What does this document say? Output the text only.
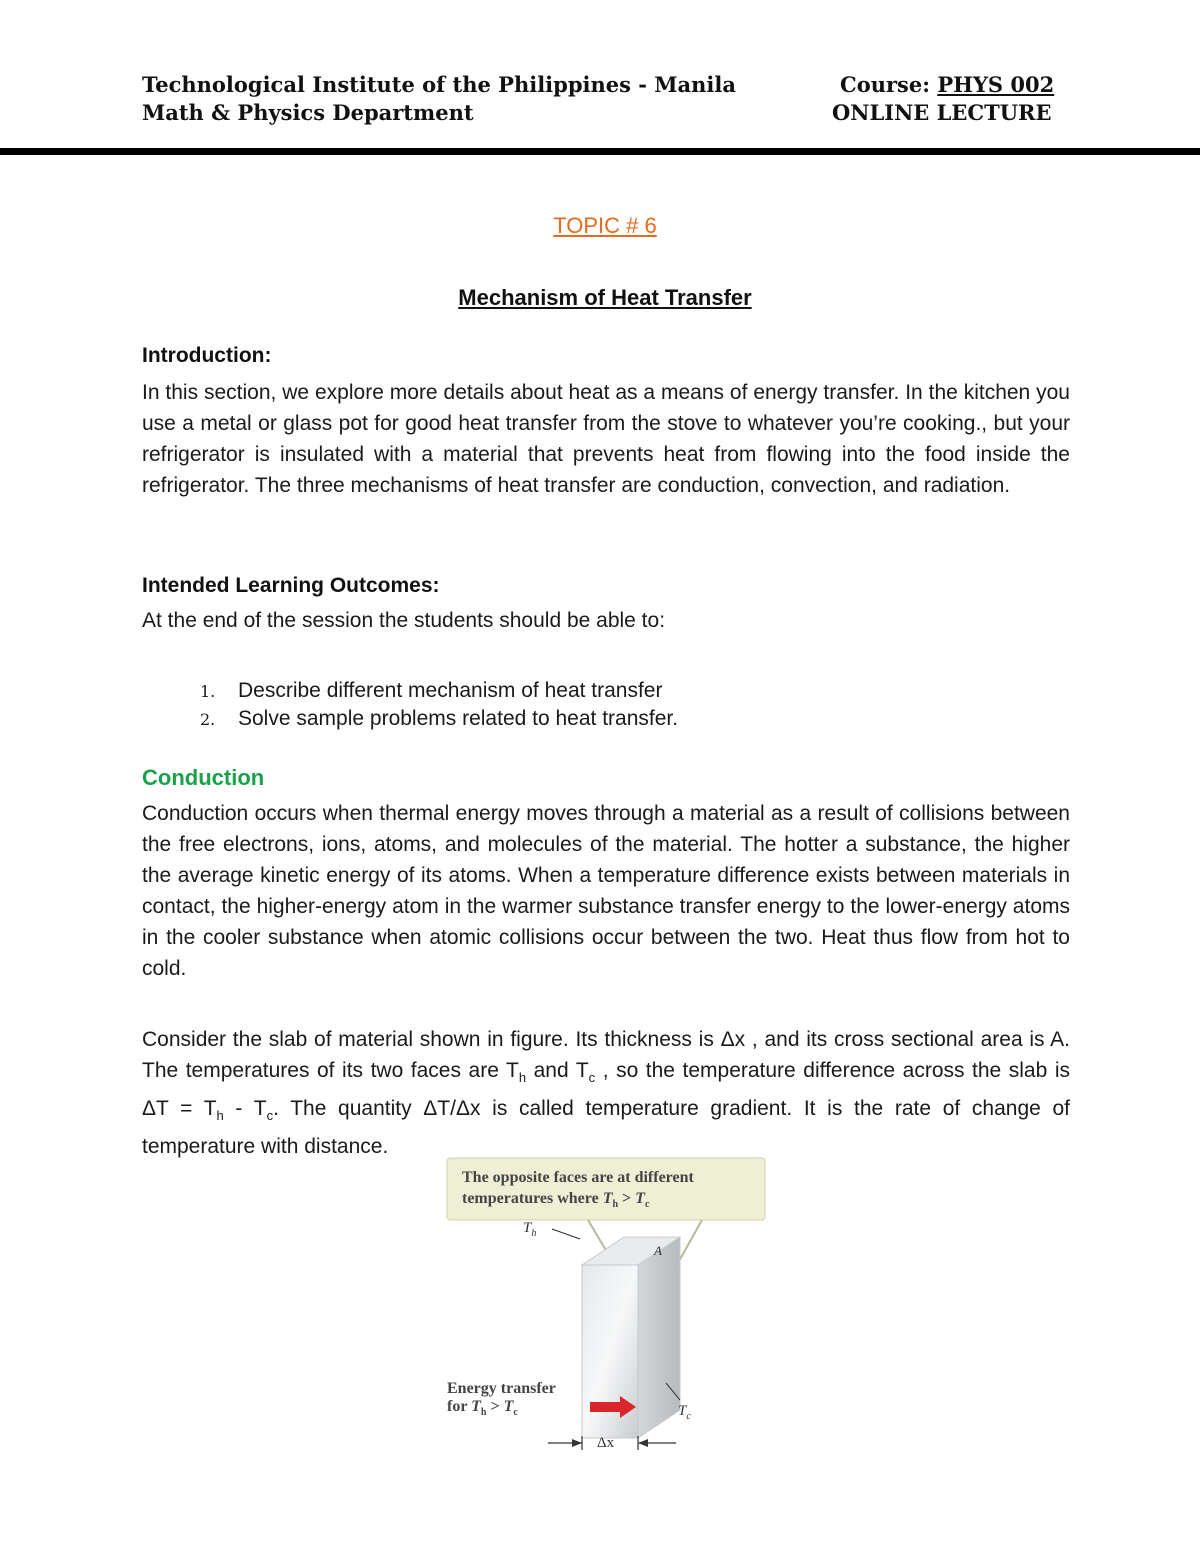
Technological Institute of the Philippines - Manila
Math & Physics Department
Course: PHYS 002
ONLINE LECTURE
TOPIC # 6
Mechanism of Heat Transfer
Introduction:
In this section, we explore more details about heat as a means of energy transfer. In the kitchen you use a metal or glass pot for good heat transfer from the stove to whatever you’re cooking., but your refrigerator is insulated with a material that prevents heat from flowing into the food inside the refrigerator. The three mechanisms of heat transfer are conduction, convection, and radiation.
Intended Learning Outcomes:
At the end of the session the students should be able to:
1. Describe different mechanism of heat transfer
2. Solve sample problems related to heat transfer.
Conduction
Conduction occurs when thermal energy moves through a material as a result of collisions between the free electrons, ions, atoms, and molecules of the material. The hotter a substance, the higher the average kinetic energy of its atoms. When a temperature difference exists between materials in contact, the higher-energy atom in the warmer substance transfer energy to the lower-energy atoms in the cooler substance when atomic collisions occur between the two. Heat thus flow from hot to cold.
Consider the slab of material shown in figure. Its thickness is Δx , and its cross sectional area is A. The temperatures of its two faces are $T_h$ and $T_c$ , so the temperature difference across the slab is $\Delta T = T_h - T_c$. The quantity ΔT/Δx is called temperature gradient. It is the rate of change of temperature with distance.
The opposite faces are at different
temperatures where $T_h > T_c$
$T_h$
A
$T_c$
Energy transfer
for $T_h > T_c$
Δx
